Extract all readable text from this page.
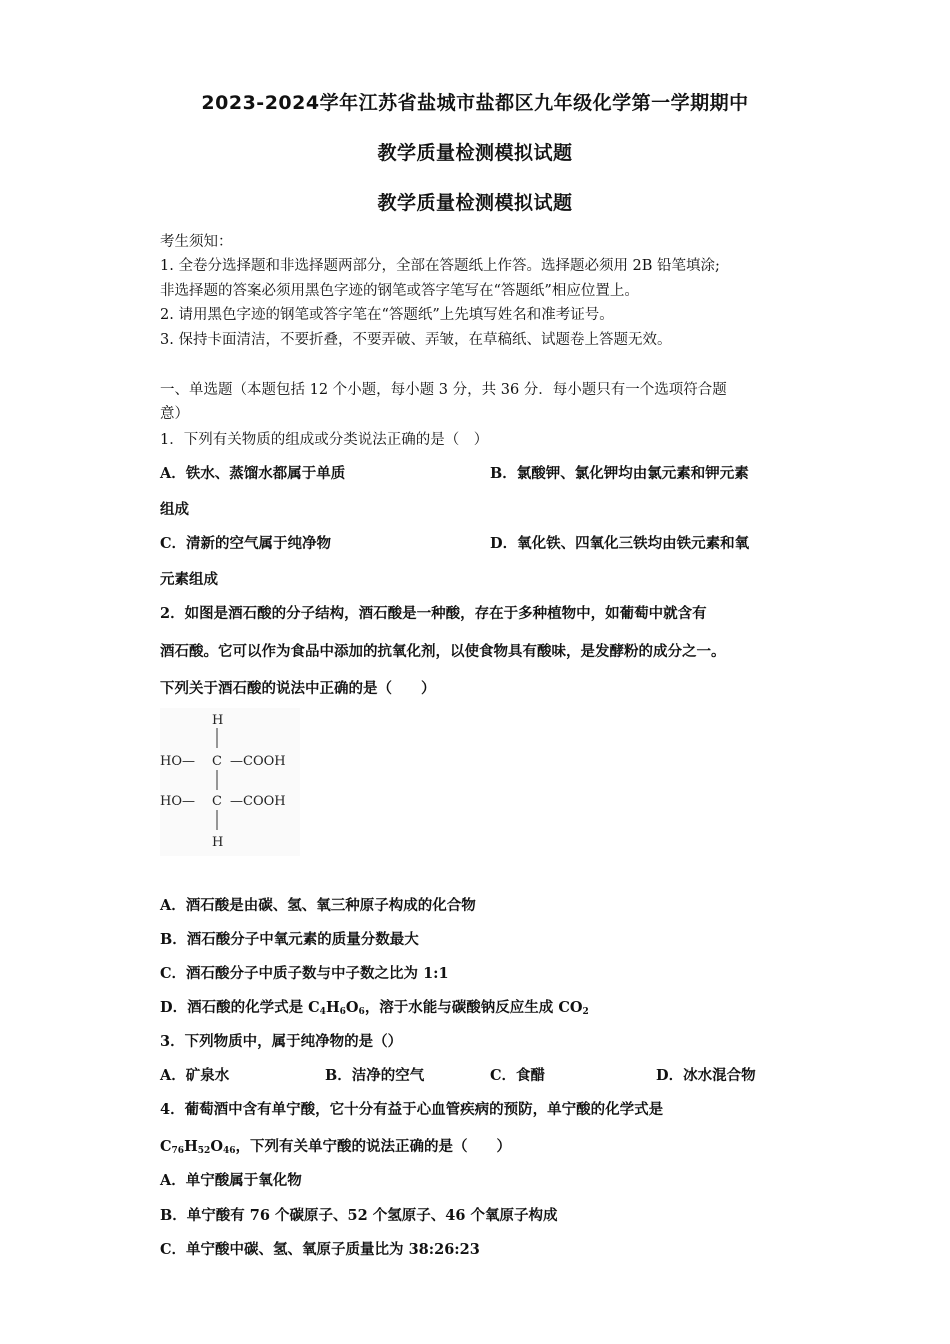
2023-2024学年江苏省盐城市盐都区九年级化学第一学期期中
教学质量检测模拟试题
教学质量检测模拟试题
考生须知：
1. 全卷分选择题和非选择题两部分，全部在答题纸上作答。选择题必须用 2B 铅笔填涂;
非选择题的答案必须用黑色字迹的钢笔或答字笔写在“答题纸”相应位置上。
2. 请用黑色字迹的钢笔或答字笔在“答题纸”上先填写姓名和准考证号。
3. 保持卡面清洁，不要折叠，不要弄破、弄皱，在草稿纸、试题卷上答题无效。
一、单选题（本题包括 12 个小题，每小题 3 分，共 36 分．每小题只有一个选项符合题
意）
1．下列有关物质的组成或分类说法正确的是（　）
A．铁水、蒸馏水都属于单质	B．氯酸钾、氯化钾均由氯元素和钾元素
组成
C．清新的空气属于纯净物	D．氧化铁、四氧化三铁均由铁元素和氧
元素组成
2．如图是酒石酸的分子结构，酒石酸是一种酸，存在于多种植物中，如葡萄中就含有
酒石酸。它可以作为食品中添加的抗氧化剂，以使食物具有酸味，是发酵粉的成分之一。
下列关于酒石酸的说法中正确的是（　　）
H
HO— C —COOH
HO— C —COOH
H
A．酒石酸是由碳、氢、氧三种原子构成的化合物
B．酒石酸分子中氧元素的质量分数最大
C．酒石酸分子中质子数与中子数之比为 1:1
D．酒石酸的化学式是 $C_4H_6O_6$，溶于水能与碳酸钠反应生成 $CO_2$
3．下列物质中，属于纯净物的是（）
A．矿泉水	B．洁净的空气	C．食醋	D．冰水混合物
4．葡萄酒中含有单宁酸，它十分有益于心血管疾病的预防，单宁酸的化学式是
$C_{76}H_{52}O_{46}$，下列有关单宁酸的说法正确的是（　　）
A．单宁酸属于氧化物
B．单宁酸有 76 个碳原子、52 个氢原子、46 个氧原子构成
C．单宁酸中碳、氢、氧原子质量比为 38:26:23
